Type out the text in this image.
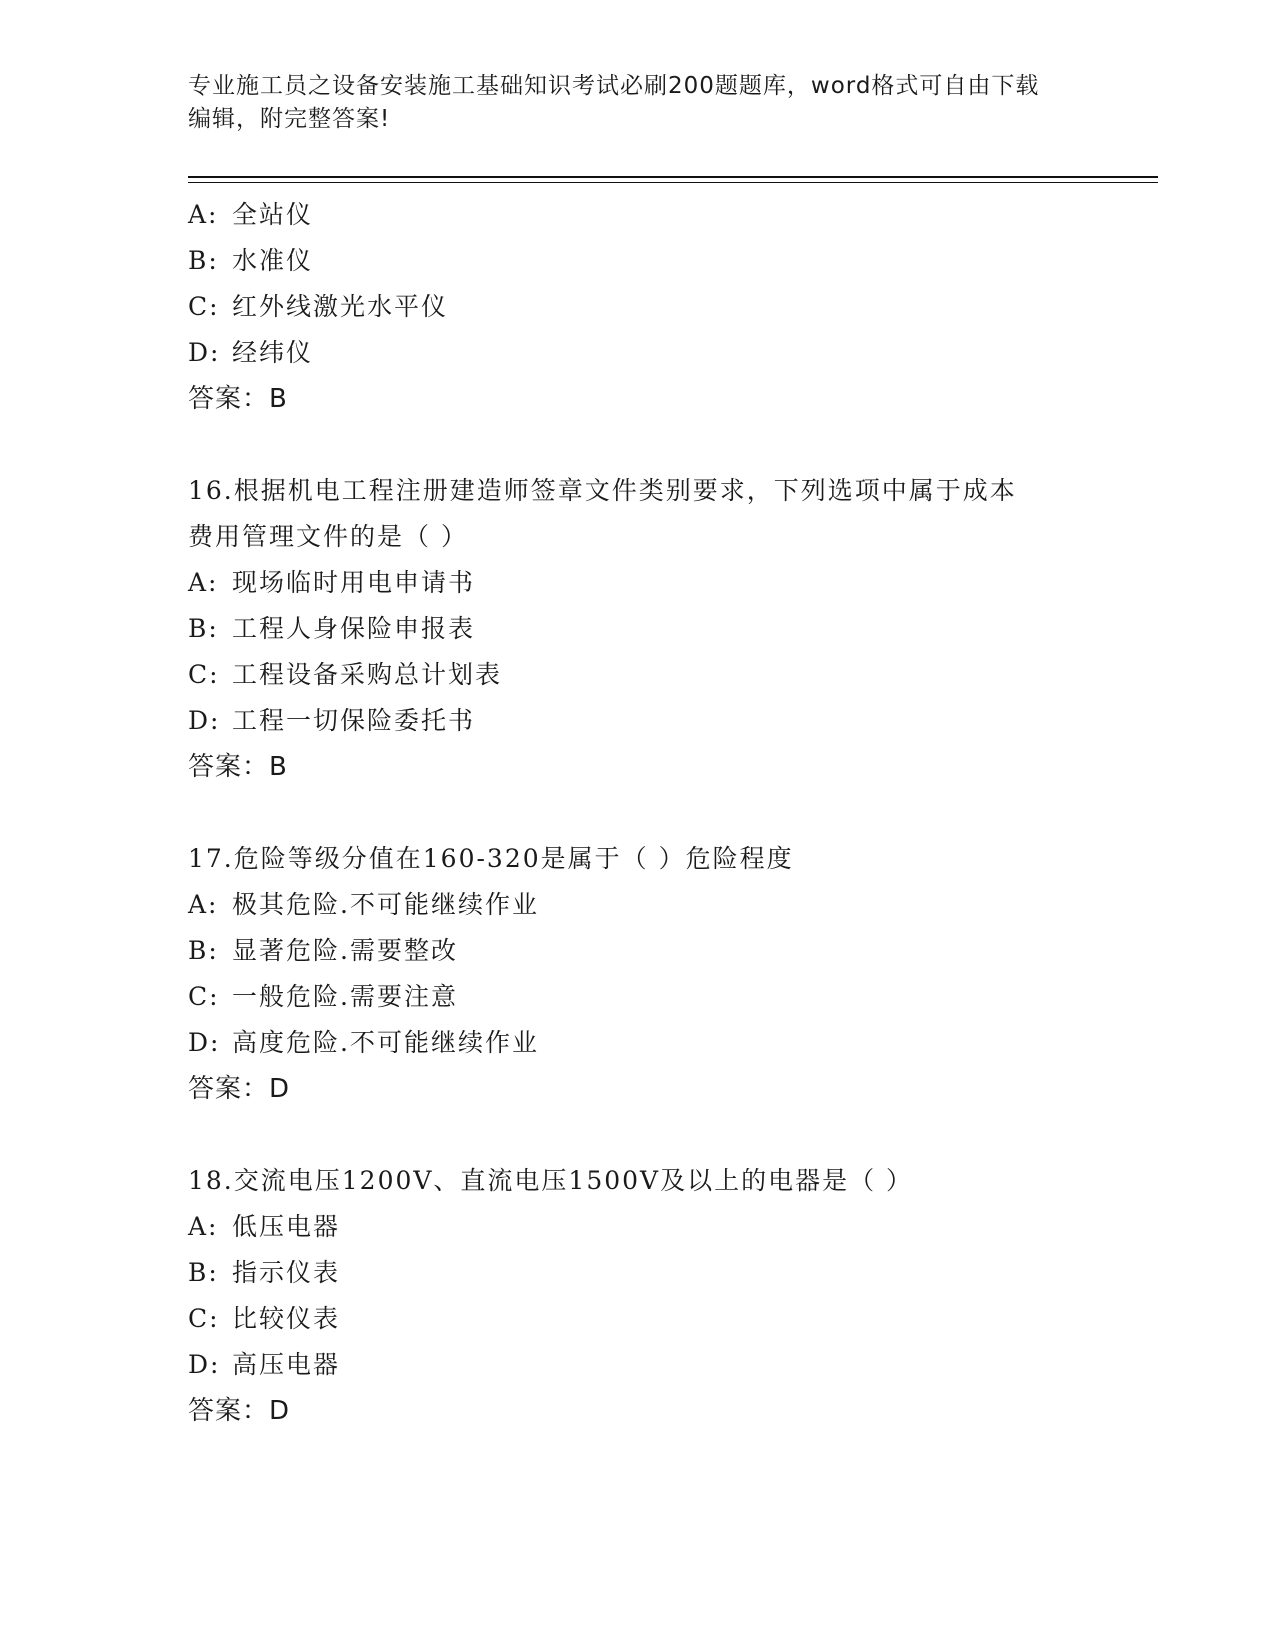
专业施工员之设备安装施工基础知识考试必刷200题题库，word格式可自由下载
编辑，附完整答案!
A: 全站仪
B: 水准仪
C: 红外线激光水平仪
D: 经纬仪
答案：B
16.根据机电工程注册建造师签章文件类别要求，下列选项中属于成本
费用管理文件的是（ ）
A: 现场临时用电申请书
B: 工程人身保险申报表
C: 工程设备采购总计划表
D: 工程一切保险委托书
答案：B
17.危险等级分值在160-320是属于（ ）危险程度
A: 极其危险.不可能继续作业
B: 显著危险.需要整改
C: 一般危险.需要注意
D: 高度危险.不可能继续作业
答案：D
18.交流电压1200V、直流电压1500V及以上的电器是（ ）
A: 低压电器
B: 指示仪表
C: 比较仪表
D: 高压电器
答案：D
